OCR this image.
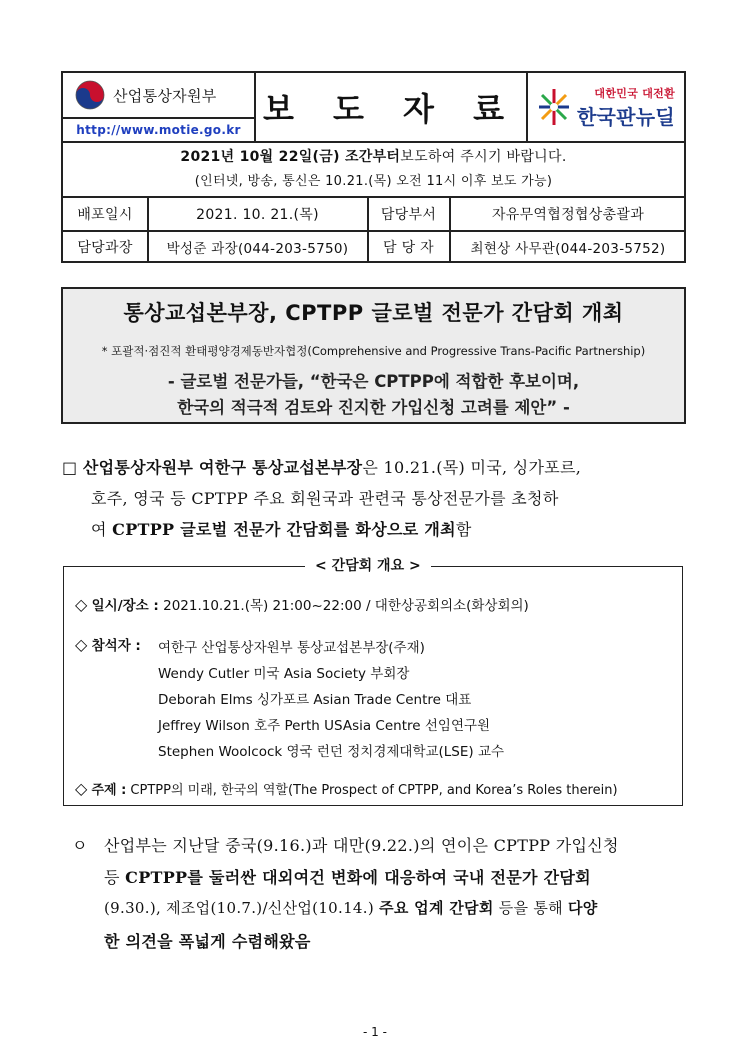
산업통상자원부
http://www.motie.go.kr
보 도 자 료	대한민국 대전환
한국판뉴딜
2021년 10월 22일(금) 조간부터 보도하여 주시기 바랍니다.
(인터넷, 방송, 통신은 10.21.(목) 오전 11시 이후 보도 가능)
배포일시	2021. 10. 21.(목)	담당부서	자유무역협정협상총괄과
담당과장	박성준 과장(044-203-5750)	담 당 자	최현상 사무관(044-203-5752)
통상교섭본부장, CPTPP 글로벌 전문가 간담회 개최
* 포괄적·점진적 환태평양경제동반자협정(Comprehensive and Progressive Trans-Pacific Partnership)
- 글로벌 전문가들, “한국은 CPTPP에 적합한 후보이며,
한국의 적극적 검토와 진지한 가입신청 고려를 제안” -
□ 산업통상자원부 여한구 통상교섭본부장은 10.21.(목) 미국, 싱가포르,
호주, 영국 등 CPTPP 주요 회원국과 관련국 통상전문가를 초청하
여 CPTPP 글로벌 전문가 간담회를 화상으로 개최함
< 간담회 개요 >
◇ 일시/장소 : 2021.10.21.(목) 21:00~22:00 / 대한상공회의소(화상회의)
◇ 참석자 : 여한구 산업통상자원부 통상교섭본부장(주재)
Wendy Cutler 미국 Asia Society 부회장
Deborah Elms 싱가포르 Asian Trade Centre 대표
Jeffrey Wilson 호주 Perth USAsia Centre 선임연구원
Stephen Woolcock 영국 런던 정치경제대학교(LSE) 교수
◇ 주제 : CPTPP의 미래, 한국의 역할(The Prospect of CPTPP, and Korea’s Roles therein)
ㅇ 산업부는 지난달 중국(9.16.)과 대만(9.22.)의 연이은 CPTPP 가입신청
등 CPTPP를 둘러싼 대외여건 변화에 대응하여 국내 전문가 간담회
(9.30.), 제조업(10.7.)/신산업(10.14.) 주요 업계 간담회 등을 통해 다양
한 의견을 폭넓게 수렴해왔음
- 1 -
